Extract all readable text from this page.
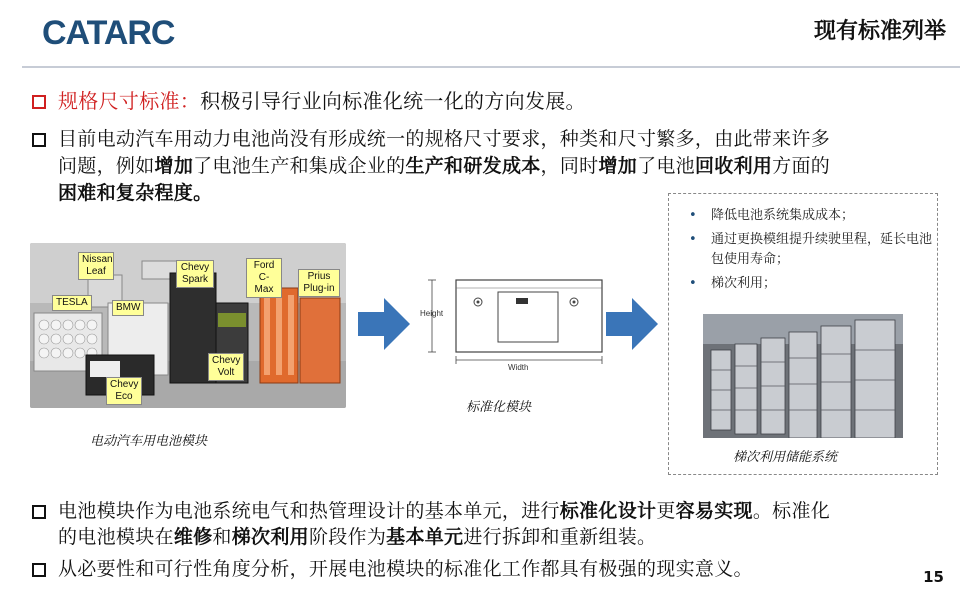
CATARC	现有标准列举
规格尺寸标准：积极引导行业向标准化统一化的方向发展。
目前电动汽车用动力电池尚没有形成统一的规格尺寸要求，种类和尺寸繁多，由此带来许多
问题，例如增加了电池生产和集成企业的生产和研发成本，同时增加了电池回收利用方面的
困难和复杂程度。
Nissan
Leaf
TESLA	BMW
Chevy
Spark
Ford
C-Max
Prius
Plug-in
Chevy
Volt
Chevy
Eco
电动汽车用电池模块
Height
Width
标准化模块
• 降低电池系统集成成本；
• 通过更换模组提升续驶里程，延长电池包使用寿命；
• 梯次利用；
梯次利用储能系统
电池模块作为电池系统电气和热管理设计的基本单元，进行标准化设计更容易实现。标准化
的电池模块在维修和梯次利用阶段作为基本单元进行拆卸和重新组装。
从必要性和可行性角度分析，开展电池模块的标准化工作都具有极强的现实意义。	15
